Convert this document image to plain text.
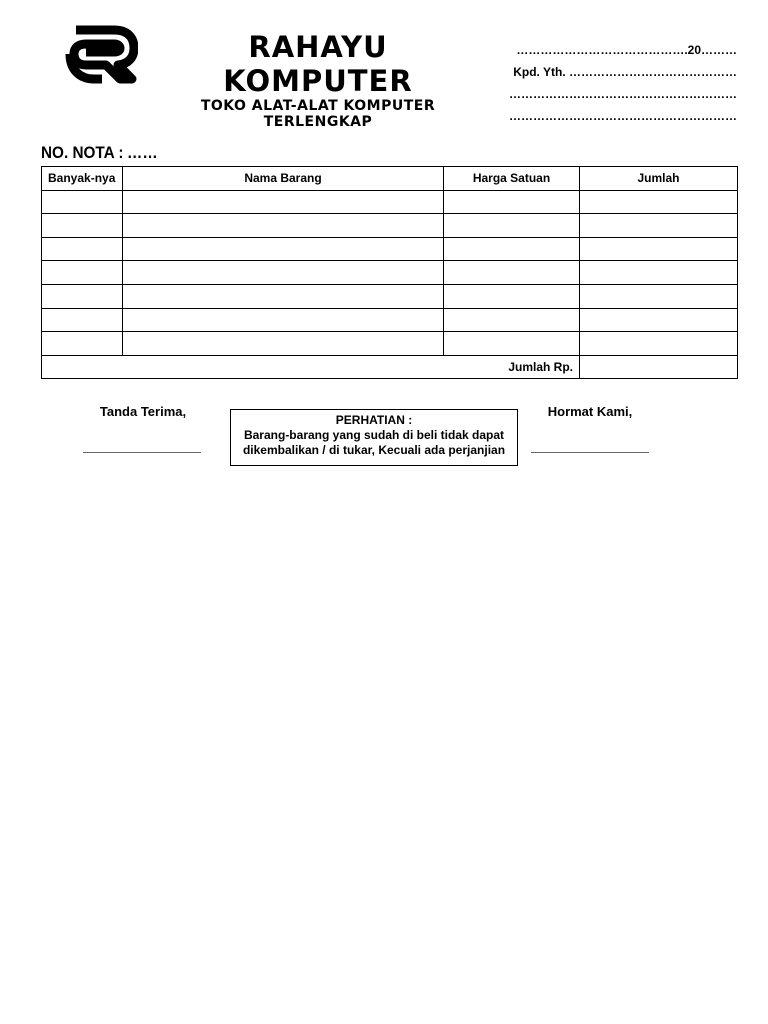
RAHAYU KOMPUTER
TOKO ALAT-ALAT KOMPUTER TERLENGKAP
…………………………………….20………
Kpd. Yth. ……………………………………
…………………………………………………
…………………………………………………
NO. NOTA : ……
Banyak-nya	Nama Barang	Harga Satuan	Jumlah

Jumlah Rp.			
Tanda Terima,
PERHATIAN :
Barang-barang yang sudah di beli tidak dapat
dikembalikan / di tukar, Kecuali ada perjanjian
Hormat Kami,
